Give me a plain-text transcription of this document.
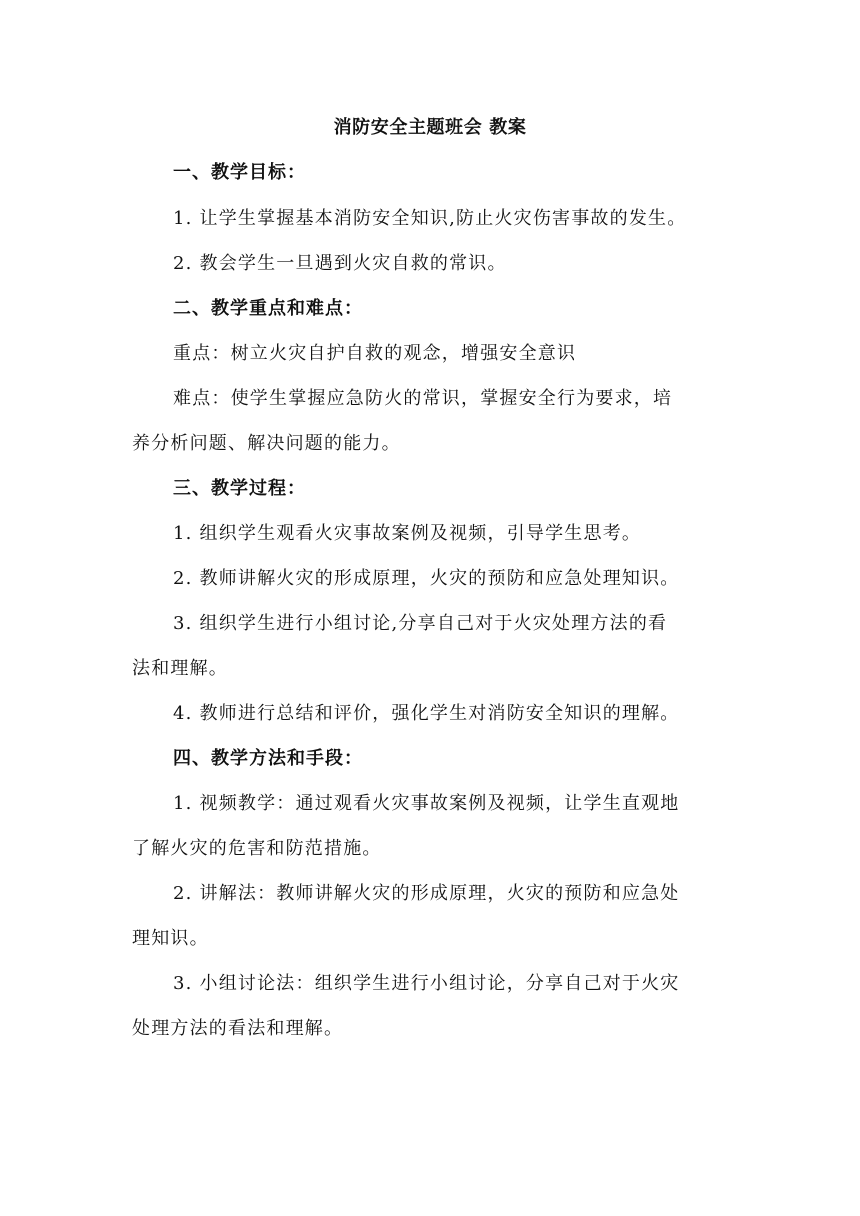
消防安全主题班会 教案
一、教学目标：
1. 让学生掌握基本消防安全知识,防止火灾伤害事故的发生。
2. 教会学生一旦遇到火灾自救的常识。
二、教学重点和难点：
重点：树立火灾自护自救的观念，增强安全意识
难点：使学生掌握应急防火的常识，掌握安全行为要求，培
养分析问题、解决问题的能力。
三、教学过程：
1. 组织学生观看火灾事故案例及视频，引导学生思考。
2. 教师讲解火灾的形成原理，火灾的预防和应急处理知识。
3. 组织学生进行小组讨论,分享自己对于火灾处理方法的看
法和理解。
4. 教师进行总结和评价，强化学生对消防安全知识的理解。
四、教学方法和手段：
1. 视频教学：通过观看火灾事故案例及视频，让学生直观地
了解火灾的危害和防范措施。
2. 讲解法：教师讲解火灾的形成原理，火灾的预防和应急处
理知识。
3. 小组讨论法：组织学生进行小组讨论，分享自己对于火灾
处理方法的看法和理解。
